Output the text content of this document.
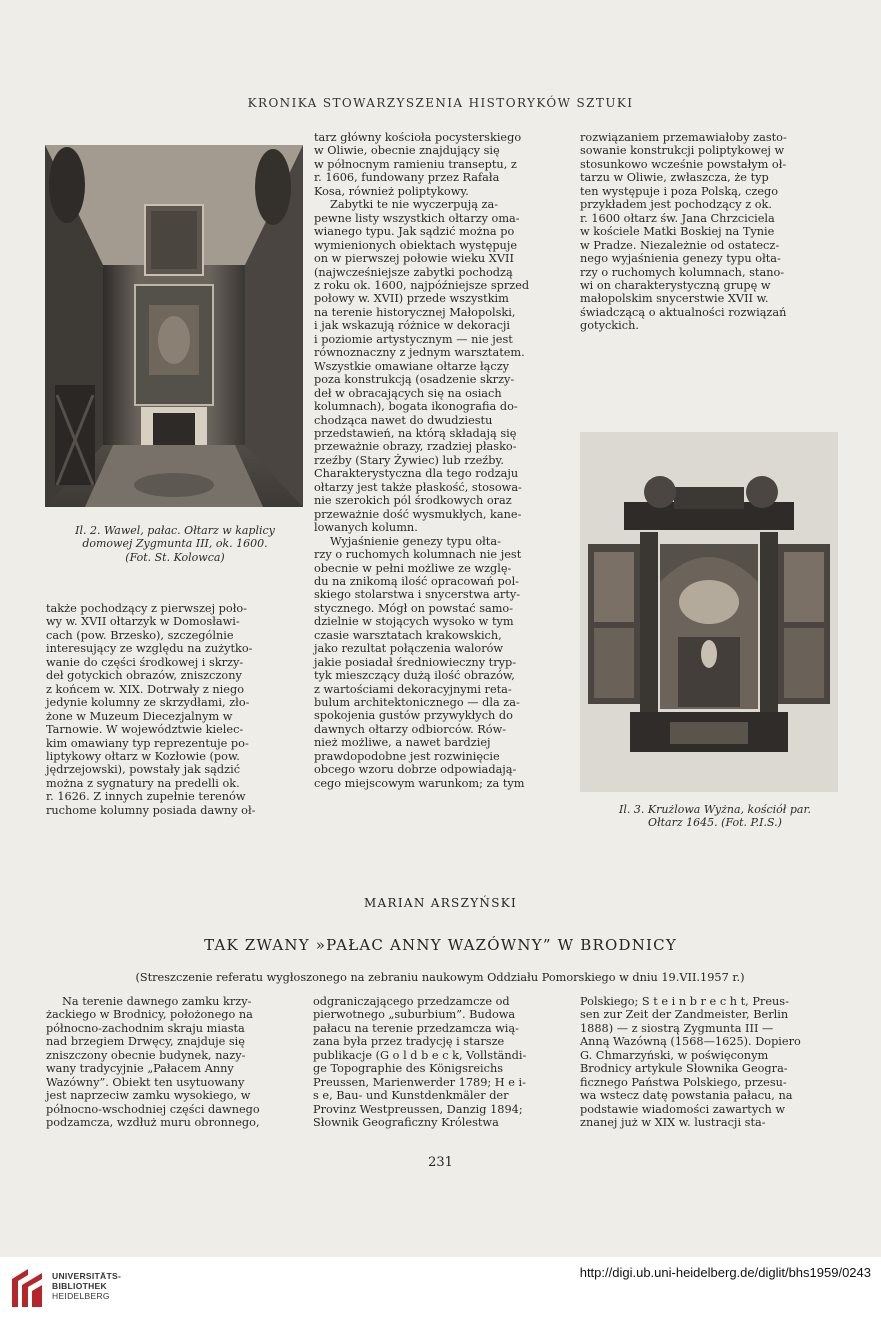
KRONIKA STOWARZYSZENIA HISTORYKÓW SZTUKI
Il. 2. Wawel, pałac. Ołtarz w kaplicy
domowej Zygmunta III, ok. 1600.
(Fot. St. Kolowca)
także pochodzący z pierwszej poło-
wy w. XVII ołtarzyk w Domosławi-
cach (pow. Brzesko), szczególnie
interesujący ze względu na zużytko-
wanie do części środkowej i skrzy-
deł gotyckich obrazów, zniszczony
z końcem w. XIX. Dotrwały z niego
jedynie kolumny ze skrzydłami, zło-
żone w Muzeum Diecezjalnym w
Tarnowie. W województwie kielec-
kim omawiany typ reprezentuje po-
liptykowy ołtarz w Kozłowie (pow.
jędrzejowski), powstały jak sądzić
można z sygnatury na predelli ok.
r. 1626. Z innych zupełnie terenów
ruchome kolumny posiada dawny oł-
tarz główny kościoła pocysterskiego
w Oliwie, obecnie znajdujący się
w północnym ramieniu transeptu, z
r. 1606, fundowany przez Rafała
Kosa, również poliptykowy.
Zabytki te nie wyczerpują za-
pewne listy wszystkich ołtarzy oma-
wianego typu. Jak sądzić można po
wymienionych obiektach występuje
on w pierwszej połowie wieku XVII
(najwcześniejsze zabytki pochodzą
z roku ok. 1600, najpóźniejsze sprzed
połowy w. XVII) przede wszystkim
na terenie historycznej Małopolski,
i jak wskazują różnice w dekoracji
i poziomie artystycznym — nie jest
równoznaczny z jednym warsztatem.
Wszystkie omawiane ołtarze łączy
poza konstrukcją (osadzenie skrzy-
deł w obracających się na osiach
kolumnach), bogata ikonografia do-
chodząca nawet do dwudziestu
przedstawień, na którą składają się
przeważnie obrazy, rzadziej płasko-
rzeźby (Stary Żywiec) lub rzeźby.
Charakterystyczna dla tego rodzaju
ołtarzy jest także płaskość, stosowa-
nie szerokich pól środkowych oraz
przeważnie dość wysmukłych, kane-
lowanych kolumn.
Wyjaśnienie genezy typu ołta-
rzy o ruchomych kolumnach nie jest
obecnie w pełni możliwe ze wzglę-
du na znikomą ilość opracowań pol-
skiego stolarstwa i snycerstwa arty-
stycznego. Mógł on powstać samo-
dzielnie w stojących wysoko w tym
czasie warsztatach krakowskich,
jako rezultat połączenia walorów
jakie posiadał średniowieczny tryp-
tyk mieszczący dużą ilość obrazów,
z wartościami dekoracyjnymi reta-
bulum architektonicznego — dla za-
spokojenia gustów przywykłych do
dawnych ołtarzy odbiorców. Rów-
nież możliwe, a nawet bardziej
prawdopodobne jest rozwinięcie
obcego wzoru dobrze odpowiadają-
cego miejscowym warunkom; za tym
rozwiązaniem przemawiałoby zasto-
sowanie konstrukcji poliptykowej w
stosunkowo wcześnie powstałym oł-
tarzu w Oliwie, zwłaszcza, że typ
ten występuje i poza Polską, czego
przykładem jest pochodzący z ok.
r. 1600 ołtarz św. Jana Chrzciciela
w kościele Matki Boskiej na Tynie
w Pradze. Niezależnie od ostatecz-
nego wyjaśnienia genezy typu ołta-
rzy o ruchomych kolumnach, stano-
wi on charakterystyczną grupę w
małopolskim snycerstwie XVII w.
świadczącą o aktualności rozwiązań
gotyckich.
Il. 3. Krużlowa Wyżna, kościół par.
Ołtarz 1645. (Fot. P.I.S.)
MARIAN ARSZYŃSKI
TAK ZWANY »PAŁAC ANNY WAZÓWNY” W BRODNICY
(Streszczenie referatu wygłoszonego na zebraniu naukowym Oddziału Pomorskiego w dniu 19.VII.1957 r.)
Na terenie dawnego zamku krzy-
żackiego w Brodnicy, położonego na
północno-zachodnim skraju miasta
nad brzegiem Drwęcy, znajduje się
zniszczony obecnie budynek, nazy-
wany tradycyjnie „Pałacem Anny
Wazówny”. Obiekt ten usytuowany
jest naprzeciw zamku wysokiego, w
północno-wschodniej części dawnego
podzamcza, wzdłuż muru obronnego,
odgraniczającego przedzamcze od
pierwotnego „suburbium”. Budowa
pałacu na terenie przedzamcza wią-
zana była przez tradycję i starsze
publikacje (G o l d b e c k, Vollständi-
ge Topographie des Königsreichs
Preussen, Marienwerder 1789; H e i-
s e, Bau- und Kunstdenkmäler der
Provinz Westpreussen, Danzig 1894;
Słownik Geograficzny Królestwa
Polskiego; S t e i n b r e c h t, Preus-
sen zur Zeit der Zandmeister, Berlin
1888) — z siostrą Zygmunta III —
Anną Wazówną (1568—1625). Dopiero
G. Chmarzyński, w poświęconym
Brodnicy artykule Słownika Geogra-
ficznego Państwa Polskiego, przesu-
wa wstecz datę powstania pałacu, na
podstawie wiadomości zawartych w
znanej już w XIX w. lustracji sta-
231
UNIVERSITÄTS-
BIBLIOTHEK
HEIDELBERG
http://digi.ub.uni-heidelberg.de/diglit/bhs1959/0243
